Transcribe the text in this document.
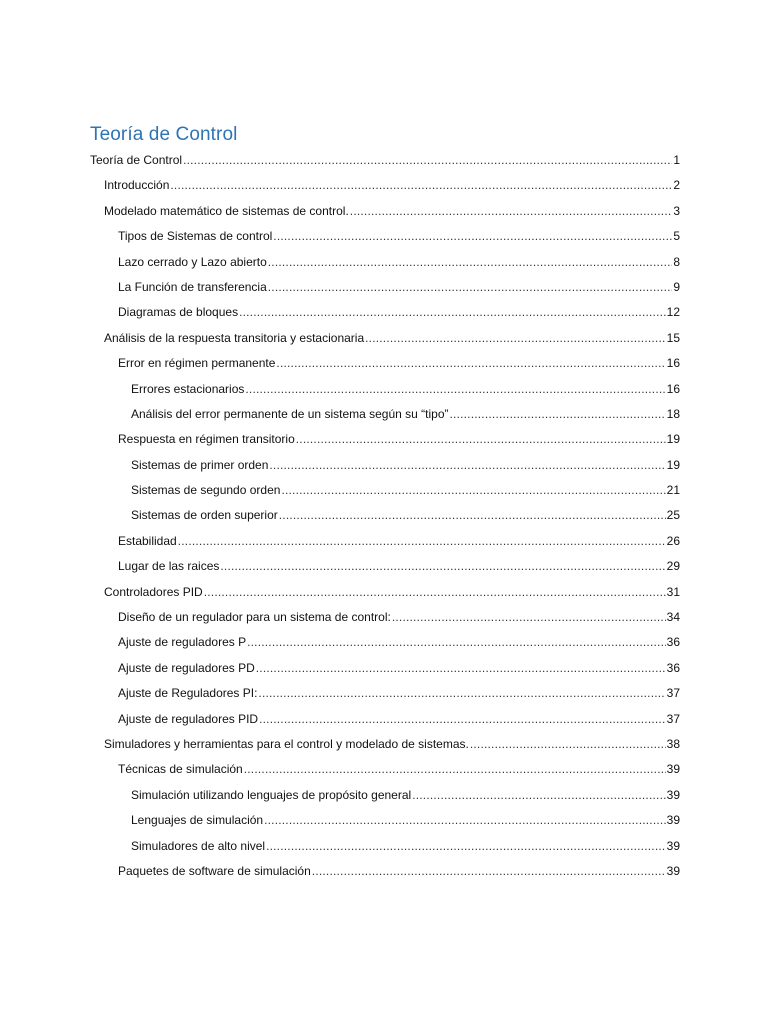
Teoría de Control
Teoría de Control .....	1
Introducción .....	2
Modelado matemático de sistemas de control. .....	3
Tipos de Sistemas de control .....	5
Lazo cerrado y Lazo abierto .....	8
La Función de transferencia .....	9
Diagramas de bloques .....	12
Análisis de la respuesta transitoria y estacionaria .....	15
Error en régimen permanente .....	16
Errores estacionarios .....	16
Análisis del error permanente de un sistema según su “tipo” .....	18
Respuesta en régimen transitorio .....	19
Sistemas de primer orden .....	19
Sistemas de segundo orden .....	21
Sistemas de orden superior .....	25
Estabilidad .....	26
Lugar de las raices .....	29
Controladores PID .....	31
Diseño de un regulador para un sistema de control: .....	34
Ajuste de reguladores P .....	36
Ajuste de reguladores PD .....	36
Ajuste de Reguladores PI: .....	37
Ajuste de reguladores PID .....	37
Simuladores y herramientas para el control y modelado de sistemas. .....	38
Técnicas de simulación .....	39
Simulación utilizando lenguajes de propósito general .....	39
Lenguajes de simulación .....	39
Simuladores de alto nivel .....	39
Paquetes de software de simulación .....	39
